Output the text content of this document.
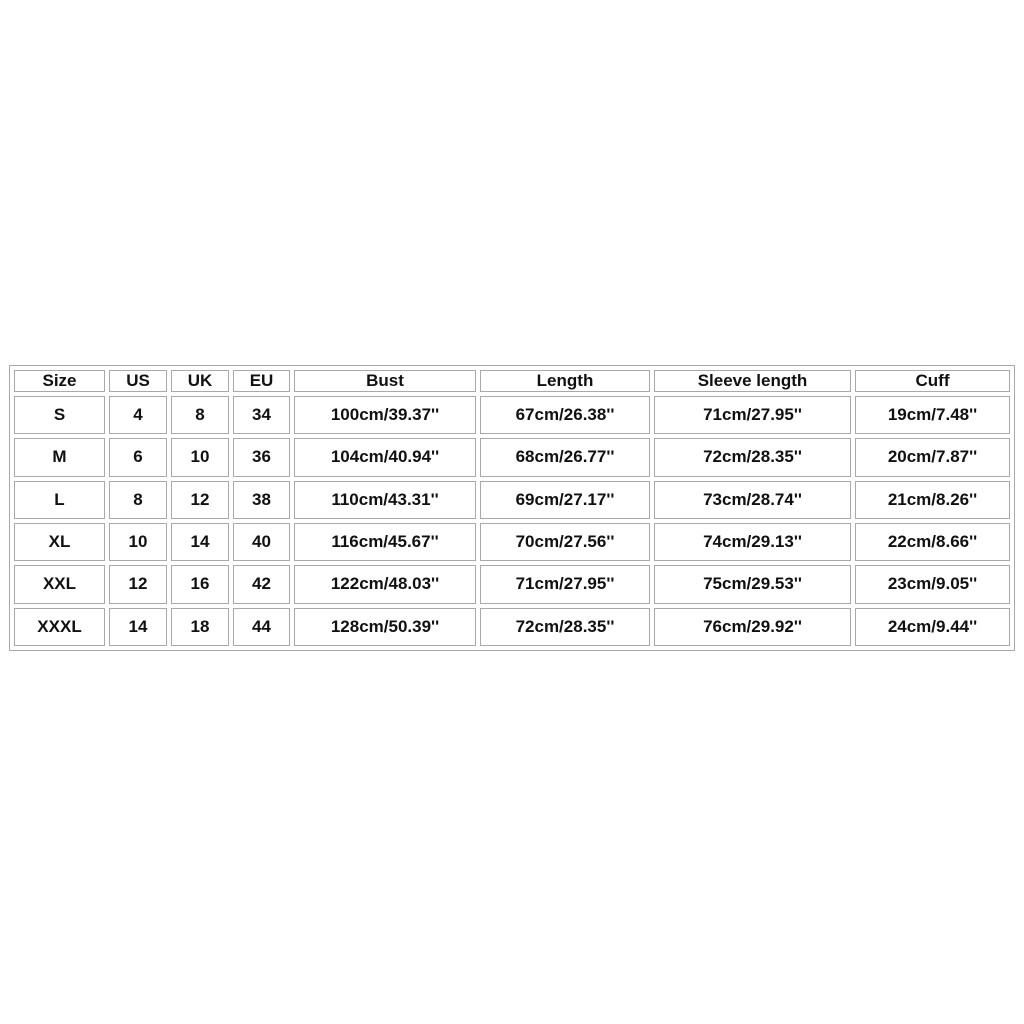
Size	US	UK	EU	Bust	Length	Sleeve length	Cuff
S	4	8	34	100cm/39.37''	67cm/26.38''	71cm/27.95''	19cm/7.48''
M	6	10	36	104cm/40.94''	68cm/26.77''	72cm/28.35''	20cm/7.87''
L	8	12	38	110cm/43.31''	69cm/27.17''	73cm/28.74''	21cm/8.26''
XL	10	14	40	116cm/45.67''	70cm/27.56''	74cm/29.13''	22cm/8.66''
XXL	12	16	42	122cm/48.03''	71cm/27.95''	75cm/29.53''	23cm/9.05''
XXXL	14	18	44	128cm/50.39''	72cm/28.35''	76cm/29.92''	24cm/9.44''
